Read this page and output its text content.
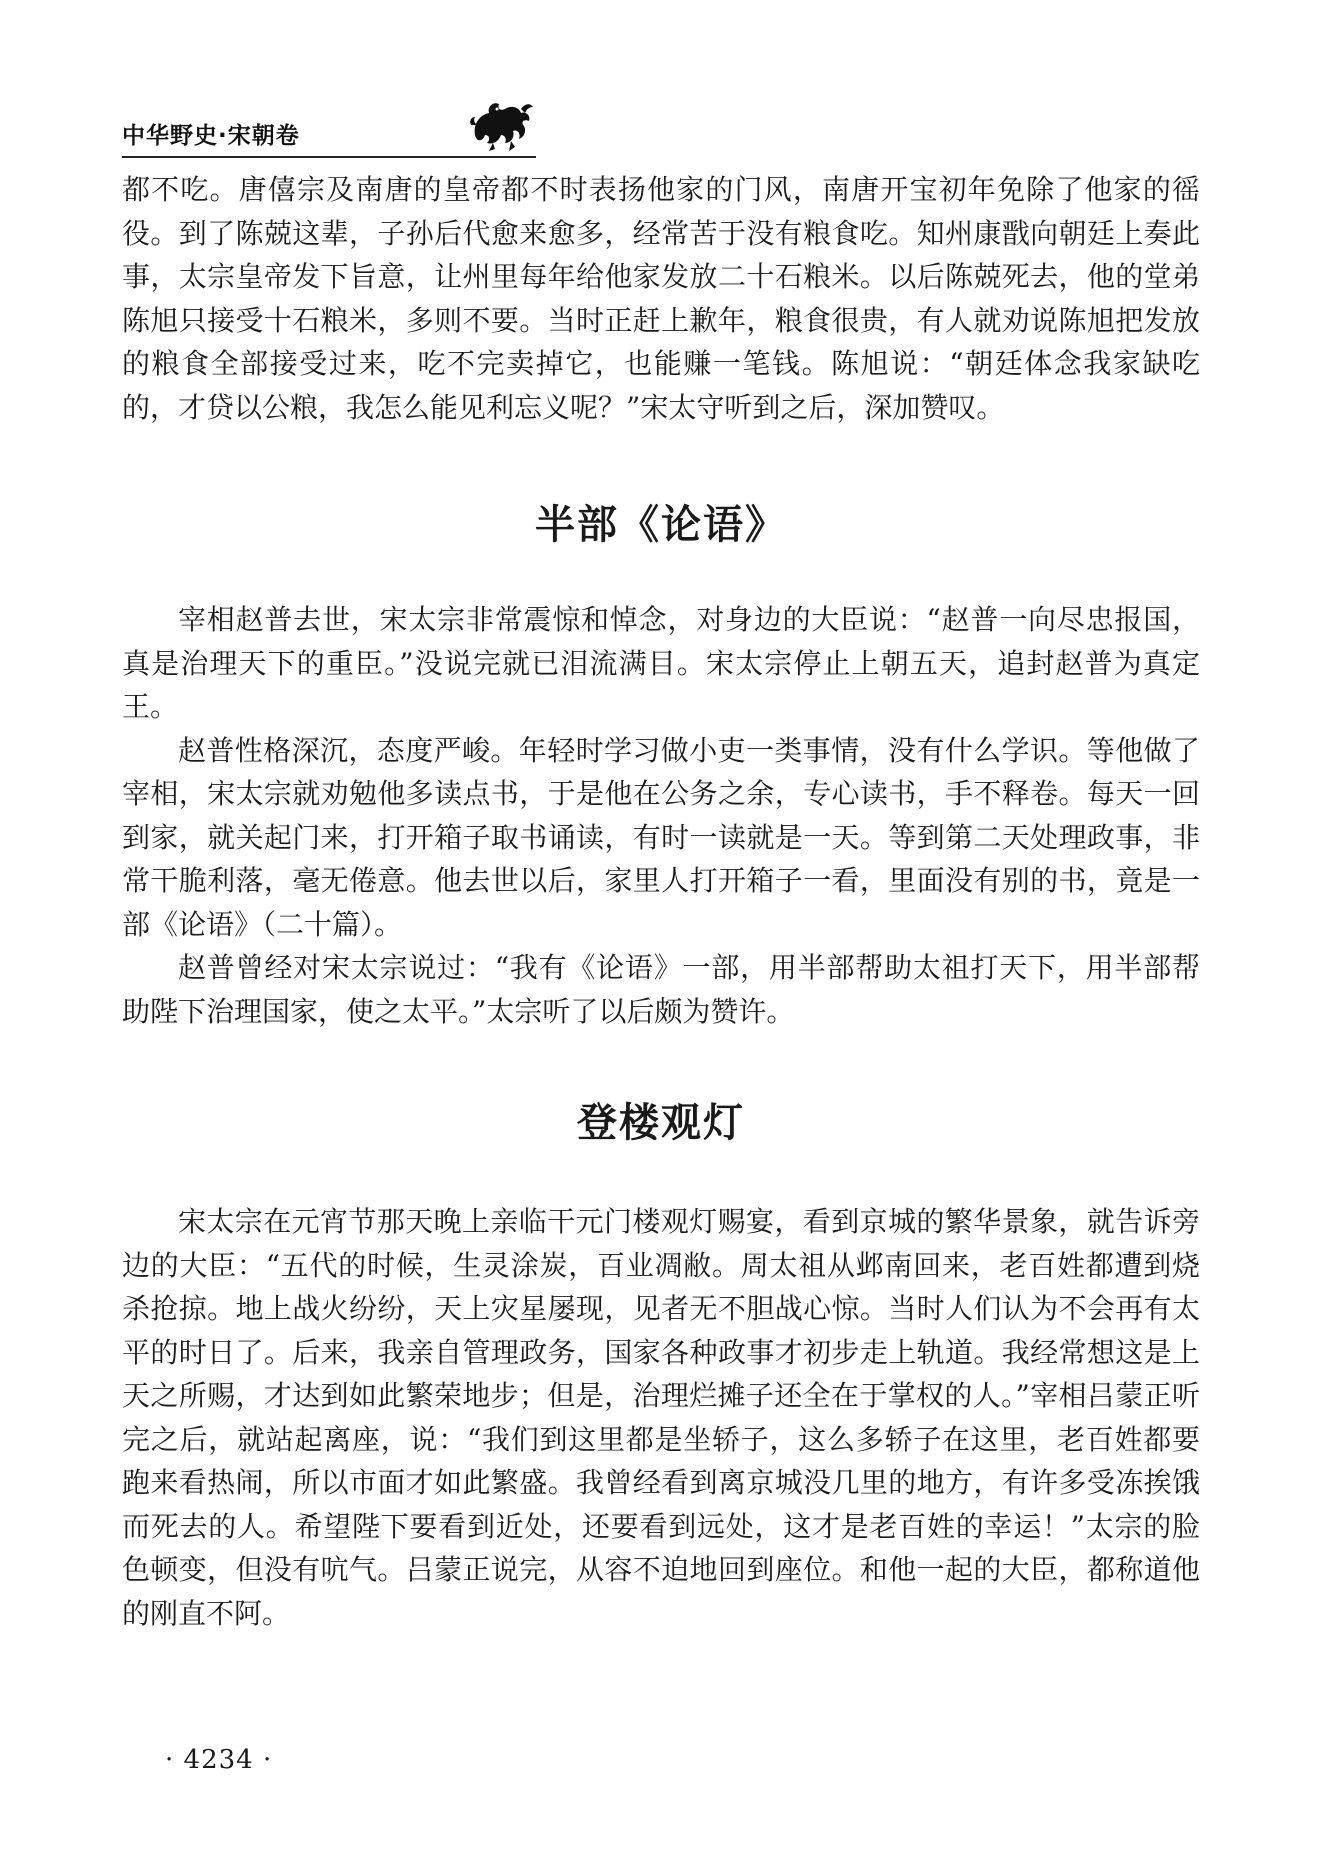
中华野史·宋朝卷

都不吃。唐僖宗及南唐的皇帝都不时表扬他家的门风，南唐开宝初年免除了他家的徭役。到了陈兢这辈，子孙后代愈来愈多，经常苦于没有粮食吃。知州康戬向朝廷上奏此事，太宗皇帝发下旨意，让州里每年给他家发放二十石粮米。以后陈兢死去，他的堂弟陈旭只接受十石粮米，多则不要。当时正赶上歉年，粮食很贵，有人就劝说陈旭把发放的粮食全部接受过来，吃不完卖掉它，也能赚一笔钱。陈旭说：“朝廷体念我家缺吃的，才贷以公粮，我怎么能见利忘义呢？”宋太守听到之后，深加赞叹。

半部《论语》

宰相赵普去世，宋太宗非常震惊和悼念，对身边的大臣说：“赵普一向尽忠报国，真是治理天下的重臣。”没说完就已泪流满目。宋太宗停止上朝五天，追封赵普为真定王。

赵普性格深沉，态度严峻。年轻时学习做小吏一类事情，没有什么学识。等他做了宰相，宋太宗就劝勉他多读点书，于是他在公务之余，专心读书，手不释卷。每天一回到家，就关起门来，打开箱子取书诵读，有时一读就是一天。等到第二天处理政事，非常干脆利落，毫无倦意。他去世以后，家里人打开箱子一看，里面没有别的书，竟是一部《论语》（二十篇）。

赵普曾经对宋太宗说过：“我有《论语》一部，用半部帮助太祖打天下，用半部帮助陛下治理国家，使之太平。”太宗听了以后颇为赞许。

登楼观灯

宋太宗在元宵节那天晚上亲临干元门楼观灯赐宴，看到京城的繁华景象，就告诉旁边的大臣：“五代的时候，生灵涂炭，百业凋敝。周太祖从邺南回来，老百姓都遭到烧杀抢掠。地上战火纷纷，天上灾星屡现，见者无不胆战心惊。当时人们认为不会再有太平的时日了。后来，我亲自管理政务，国家各种政事才初步走上轨道。我经常想这是上天之所赐，才达到如此繁荣地步；但是，治理烂摊子还全在于掌权的人。”宰相吕蒙正听完之后，就站起离座，说：“我们到这里都是坐轿子，这么多轿子在这里，老百姓都要跑来看热闹，所以市面才如此繁盛。我曾经看到离京城没几里的地方，有许多受冻挨饿而死去的人。希望陛下要看到近处，还要看到远处，这才是老百姓的幸运！”太宗的脸色顿变，但没有吭气。吕蒙正说完，从容不迫地回到座位。和他一起的大臣，都称道他的刚直不阿。

· 4234 ·
